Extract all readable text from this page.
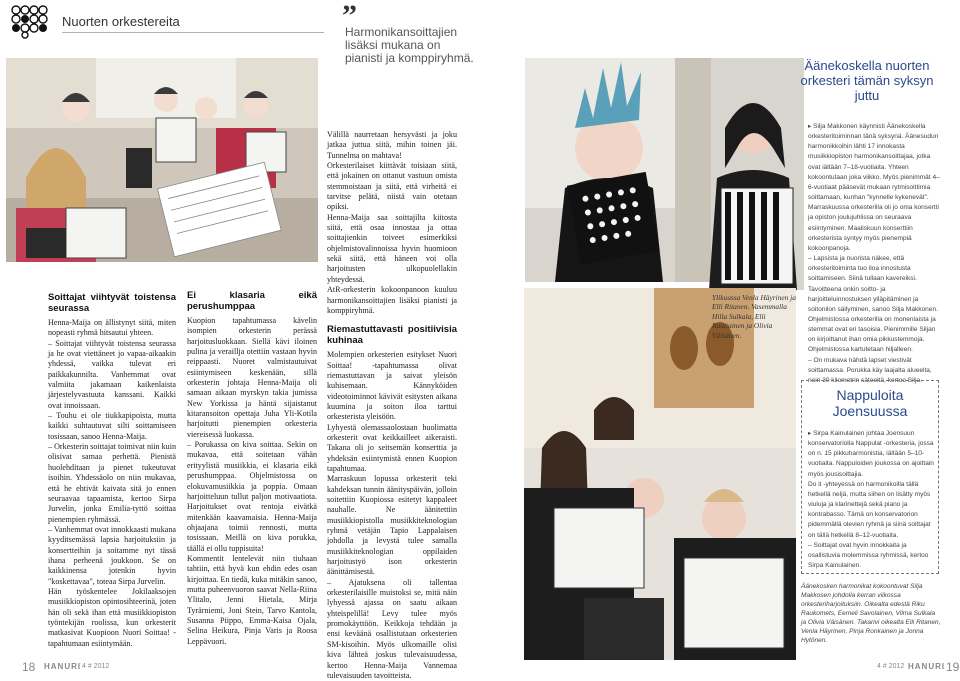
Nuorten orkestereita	”
Harmonikansoittajien lisäksi mukana on pianisti ja komppiryhmä.
Soittajat viihtyvät toistensa seurassa

Henna-Maija on ällistynyt siitä, miten nopeasti ryhmä hitsautui yhteen.

– Soittajat viihtyvät toistensa seurassa ja he ovat viettäneet jo vapaa-aikaakin yhdessä, vaikka tulevat eri paikkakunnilta. Vanhemmat ovat valmiita jakamaan kaikenlaista järjestelyvastuuta kanssani. Kaikki ovat innoissaan.

– Touhu ei ole tiukkapipoista, mutta kaikki suhtautuvat silti soittamiseen tosissaan, sanoo Henna-Maija.

– Orkesterin soittajat toimivat niin kuin olisivat samaa perhettä. Pienistä huolehditaan ja pienet tukeutuvat isoihin. Yhdessäolo on niin mukavaa, että he ehtivät kaivata sitä jo ennen seuraavaa tapaamista, kertoo Sirpa Jurvelin, jonka Emilia-tyttö soittaa pienempien ryhmässä.

– Vanhemmat ovat innokkaasti mukana kyyditsemässä lapsia harjoituksiin ja konsertteihin ja soitamme nyt tässä ihana perheenä joukkoon. Se on kaikkinensa jotenkin hyvin "koskettavaa", toteaa Sirpa Jurvelin.

Hän työskentelee Jokilaaksojen musiikkiopiston opintosihteerinä, joten hän oli sekä ihan että musiikkiopiston työntekijän roolissa, kun orkesterit matkasivat Kuopioon Nuori Soittaa! -tapahtumaan esiintymään.

Ei klasaria eikä perushumppaa

Kuopion tapahtumassa kävelin isompien orkesterin perässä harjoitusluokkaan. Siellä kävi iloinen pulina ja veraillja otettiin vastaan hyvin reippaasti. Nuoret valmistautuivat esiintymiseen keskenään, sillä orkesterin johtaja Henna-Maija oli samaan aikaan myrskyn takia jumissa New Yorkissa ja häntä sijaistanut kitaransoiton opettaja Juha Yli-Kotila harjoitutti pienempien orkesteria viereisessä luokassa.

– Porukassa on kiva soittaa. Sekin on mukavaa, että soitetaan vähän erityylistä musiikkia, ei klasaria eikä perushumppaa. Ohjelmistossa on elokuvamusiikkia ja poppia. Omaan harjoitteluun tullut paljon motivaatiota. Harjoitukset ovat rentoja eivätkä mitenkään kaavamaisia. Henna-Maija ohjaajana toimii rennosti, mutta tosissaan. Meillä on kiva porukka, täällä ei ollu tuppisuita!

Kommentit lentelevät niin tiuhaan tahtiin, että hyvä kun ehdin edes osan kirjoittaa. En tiedä, kuka mitäkin sanoo, mutta puheenvuoron saavat Nella-Riina Ylitalo, Jenni Hietala, Mirja Tyrärniemi, Joni Stein, Tarvo Kantola, Susanna Piippo, Emma-Kaisa Ojala, Selina Heikura, Pinja Varis ja Roosa Leppävuori.

Välillä naurretaan hersyvästi ja joku jatkaa juttua siitä, mihin toinen jäi. Tunnelma on mahtava!

Orkesterilaiset kiittävät toisiaan siitä, että jokainen on ottanut vastuun omista stemmoistaan ja siitä, että virheitä ei tarvitse pelätä, niistä vain otetaan opiksi.

Henna-Maija saa soittajilta kiitosta siitä, että osaa innostaa ja ottaa soittajienkin toiveet esimerkiksi ohjelmistovalinnoissa hyvin huomioon sekä siitä, että häneen voi olla harjoitusten ulkopuolellakin yhteydessä.

AtR-orkesterin kokoonpanoon kuuluu harmonikansoittajien lisäksi pianisti ja komppiryhmä.

Riemastuttavasti positiivisia kuhinaa

Molempien orkesterien esitykset Nuori Soittaa! -tapahtumassa olivat riemastuttavan ja saivat yleisön kuhisemaan. Kännyköiden videotoiminnot kävivät esitysten aikana kuumina ja soiton iloa tarttui orkesterista yleisöön.

Lyhyestä olemassaolostaan huolimatta orkesterit ovat keikkailleet aikeraisti. Takana oli jo seitsemän konserttia ja yhdeksän esiintymistä ennen Kuopion tapahtumaa.

Marraskuun lopussa orkesterit teki kahdeksan tunnin äänityspäivän, jolloin soitettiin Kuopiossa esitetyt kappaleet nauhalle. Ne äänitettiin musiikkiopistolla musiikkiteknologian ryhmä vetäjän Tapio Lappalaisen johdolla ja levystä tulee samalla musiikkiteknologian oppilaiden harjoitustyö ison orkesterin äänittämisestä.

– Ajatuksena oli tallentaa orkesterilaisille muistoksi se, mitä näin lyhyessä ajassa on saatu aikaan yhteispelillä! Levy tulee myös promokäyttöön. Keikkoja tehdään ja ensi keväänä osallistutaan orkesterien SM-kisoihin. Myös ulkomaille olisi kiva lähteä joskus tulevaisuudessa, kertoo Henna-Maija Vannemaa tulevaisuuden tavoitteista.

Ylikuussa Venla Häyrinen ja Elli Ritanen. Vasemmalla Hilla Sulkala, Elli Rautiainen ja Olivia Väisänen.
Äänekoskella nuorten orkesteri tämän syksyn juttu

▸ Silja Makkonen käynnisti Äänekoskella orkesteritoiminnan tänä syksynä. Äänesudun harmonikkoihin lähti 17 innokasta musiikkiopiston harmonikansoittajaa, jotka ovat iältään 7–18-vuotiaita. Yhteen kokoontutaan joka viikko. Myös pienimmät 4–6-vuotiaat pääsevät mukaan rytmisoittimia soittamaan, kunhan "kynnelle kykenevät".

Marraskuussa orkesterilla oli jo oma konsertti ja opiston joulujuhlissa on seuraava esiintyminen. Maaliskuun konserttiin orkesterista syntyy myös pienempiä kokoonpanoja.

– Lapsista ja nuorista näkee, että orkesteritoiminta tuo iloa innostusta soittamiseen. Siinä tullaan kavereiksi. Tavoitteena onkin soitto- ja harjoitteluinnostuksen ylläpitäminen ja soitonilon säilyminen, sanoo Silja Makkonen.

Ohjelmistossa orkesterilla on monenlaista ja stemmat ovat eri tasoisia. Pienimmille Siljan on kirjoittanut ihan omia pikkustemmoja. Ohjelmistossa kartutetaan hiljalleen.

– On mukava nähdä lapset viestivät soittamassa. Porukka käy laajalta alueelta, noin 30 kilometrin säteeltä, kertoo Silja.

Nappuloita Joensuussa

▸ Sirpa Kainulainen johtaa Joensuun konservatoriolla Nappulat -orkesteria, jossa on n. 15 pikkuharmonistia, iältään 5–10-vuotiaita. Nappuloiden joukossa on ajoittain myös jousisoittajia.

Do it -yhteyessä on harmonikoilla tällä hetkellä neljä, mutta siihen on lisätty myös viuluja ja klarinettejä sekä piano ja kontrabasso. Tämä on konservatorion pidemmällä olevien ryhmä ja siinä soittajat on tällä hetkellä 8–12-vuotiaita.

– Soittajat ovat hyvin innokkaita ja osallistuvia molemmissa ryhmissä, kertoo Sirpa Kainulainen.

Äänekosken harmonikat kokoontuvat Silja Makkosen johdolla kerran viikossa orkesteriharjoituksiin. Oikealta edestä Riku Raukomets, Eemeli Savolainen, Vilma Sulkala ja Olivia Väisänen. Takarivi oikealta Elli Ritanen, Venla Häyrinen, Pinja Ronkainen ja Jonna Hytönen.
18 HANURI 4 # 2012	4 # 2012 HANURI 19
